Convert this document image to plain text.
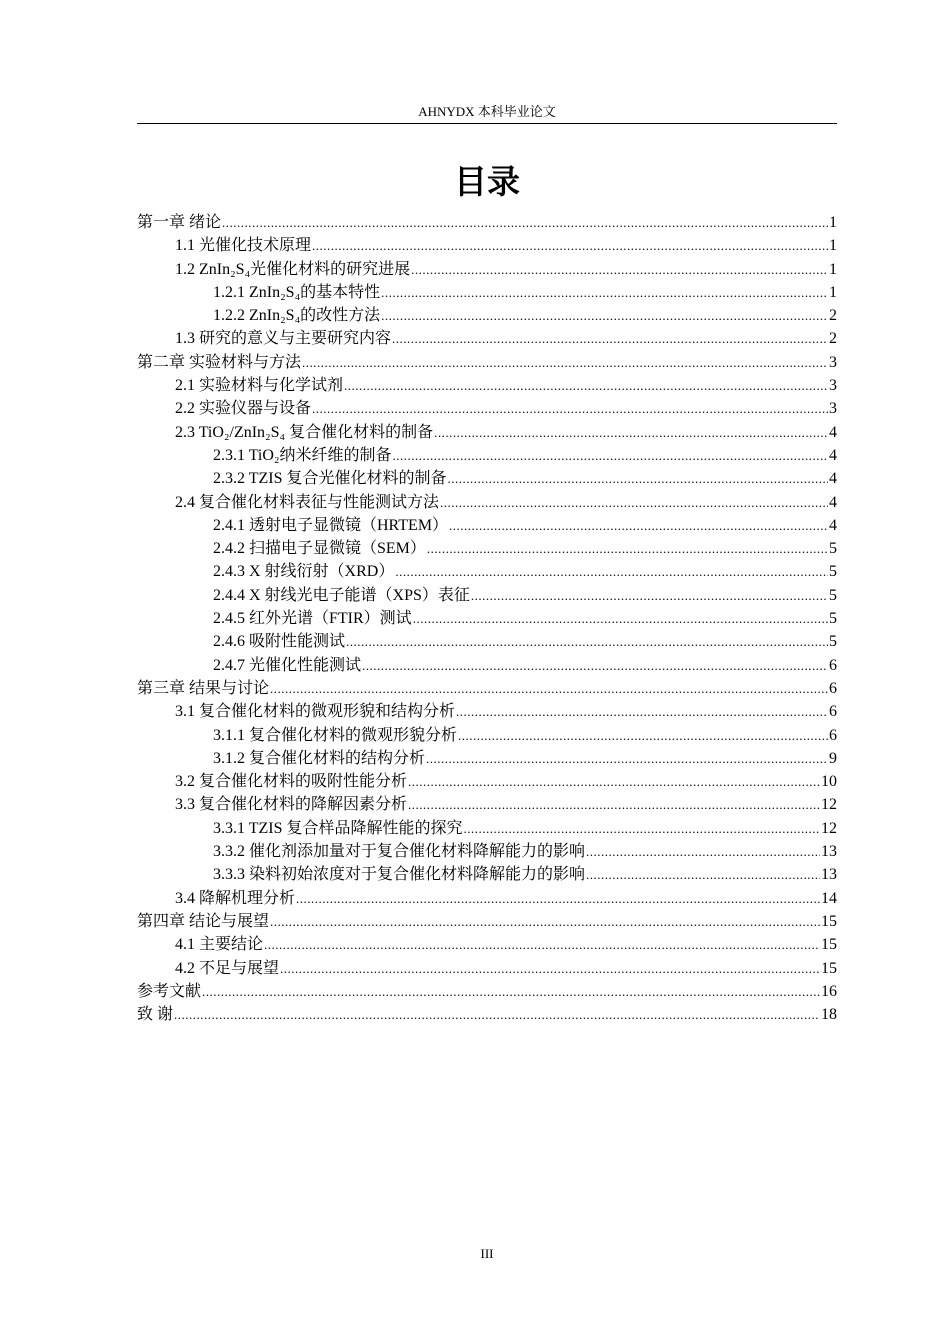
AHNYDX 本科毕业论文
目录
第一章 绪论 .....	1
1.1 光催化技术原理 .....	1
1.2 ZnIn₂S₄光催化材料的研究进展 .....	1
1.2.1 ZnIn₂S₄的基本特性 .....	1
1.2.2 ZnIn₂S₄的改性方法 .....	2
1.3 研究的意义与主要研究内容 .....	2
第二章 实验材料与方法 .....	3
2.1 实验材料与化学试剂 .....	3
2.2 实验仪器与设备 .....	3
2.3 TiO₂/ZnIn₂S₄ 复合催化材料的制备 .....	4
2.3.1 TiO₂纳米纤维的制备 .....	4
2.3.2 TZIS 复合光催化材料的制备 .....	4
2.4 复合催化材料表征与性能测试方法 .....	4
2.4.1 透射电子显微镜（HRTEM） .....	4
2.4.2 扫描电子显微镜（SEM） .....	5
2.4.3 X 射线衍射（XRD） .....	5
2.4.4 X 射线光电子能谱（XPS）表征 .....	5
2.4.5 红外光谱（FTIR）测试 .....	5
2.4.6 吸附性能测试 .....	5
2.4.7 光催化性能测试 .....	6
第三章 结果与讨论 .....	6
3.1 复合催化材料的微观形貌和结构分析 .....	6
3.1.1 复合催化材料的微观形貌分析 .....	6
3.1.2 复合催化材料的结构分析 .....	9
3.2 复合催化材料的吸附性能分析 .....	10
3.3 复合催化材料的降解因素分析 .....	12
3.3.1 TZIS 复合样品降解性能的探究 .....	12
3.3.2 催化剂添加量对于复合催化材料降解能力的影响 .....	13
3.3.3 染料初始浓度对于复合催化材料降解能力的影响 .....	13
3.4 降解机理分析 .....	14
第四章 结论与展望 .....	15
4.1 主要结论 .....	15
4.2 不足与展望 .....	15
参考文献 .....	16
致 谢 .....	18
III
